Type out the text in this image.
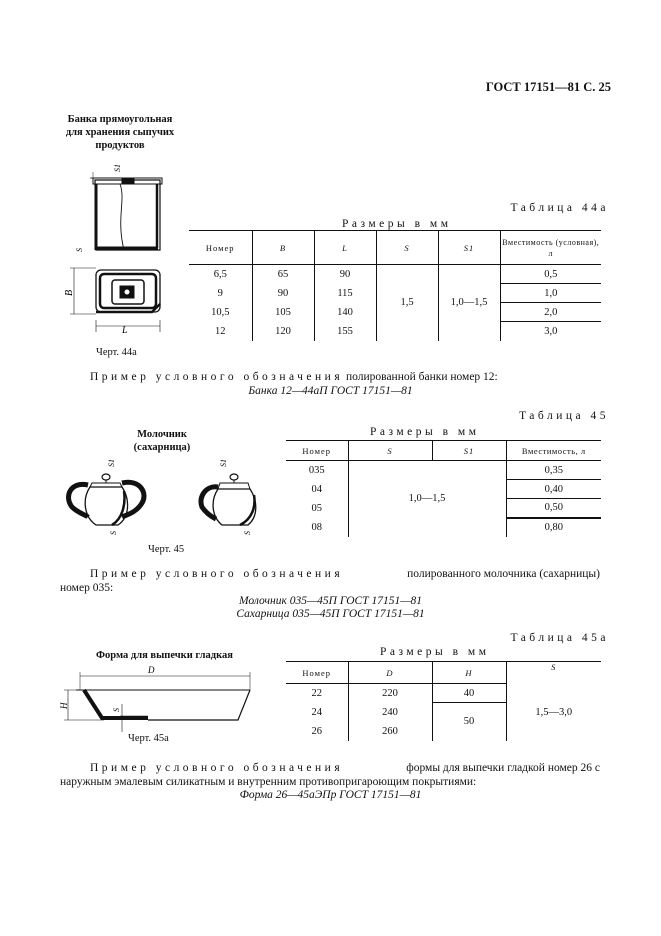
ГОСТ 17151—81 С. 25
Банка прямоугольная
для хранения сыпучих
продуктов
S1
S
B
L
Черт. 44а
Таблица 44а
Размеры в мм
Номер	B	L	S	S1	Вместимость (условная), л
6,5	65	90	1,5	1,0—1,5	0,5
9	90	115			1,0
10,5	105	140			2,0
12	120	155			3,0
Пример условного обозначения полированной банки номер 12:
Банка 12—44аП ГОСТ 17151—81
Таблица 45
Молочник
(сахарница)
Размеры в мм
S1
S
S1
S
Черт. 45
Номер	S	S1	Вместимость, л
035	1,0—1,5		0,35
04			0,40
05			0,50
08			0,80
Пример условного обозначения	полированного молочника (сахарницы)
номер 035:
Молочник 035—45П ГОСТ 17151—81
Сахарница 035—45П ГОСТ 17151—81
Таблица 45а
Форма для выпечки гладкая	Размеры в мм
D
H
S
Черт. 45а
Номер	D	H	S
22	220	40	1,5—3,0
24	240	50	
26	260		
Пример условного обозначения	формы для выпечки гладкой номер 26 с
наружным эмалевым силикатным и внутренним противопригароющим покрытиями:
Форма 26—45аЭПр ГОСТ 17151—81
